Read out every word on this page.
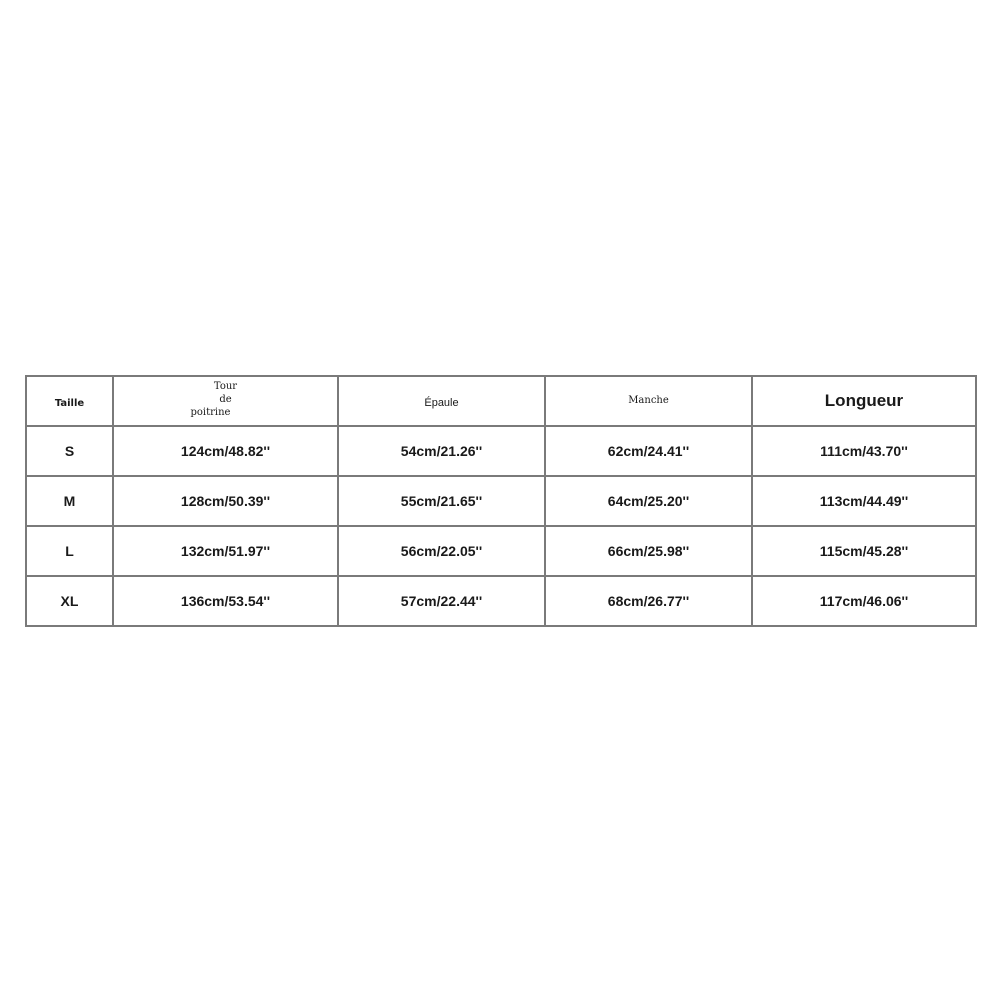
Taille	Tour
de
poitrine	Épaule	$^{Manche}$	Longueur
S	124cm/48.82''	54cm/21.26''	62cm/24.41''	111cm/43.70''
M	128cm/50.39''	55cm/21.65''	64cm/25.20''	113cm/44.49''
L	132cm/51.97''	56cm/22.05''	66cm/25.98''	115cm/45.28''
XL	136cm/53.54''	57cm/22.44''	68cm/26.77''	117cm/46.06''
